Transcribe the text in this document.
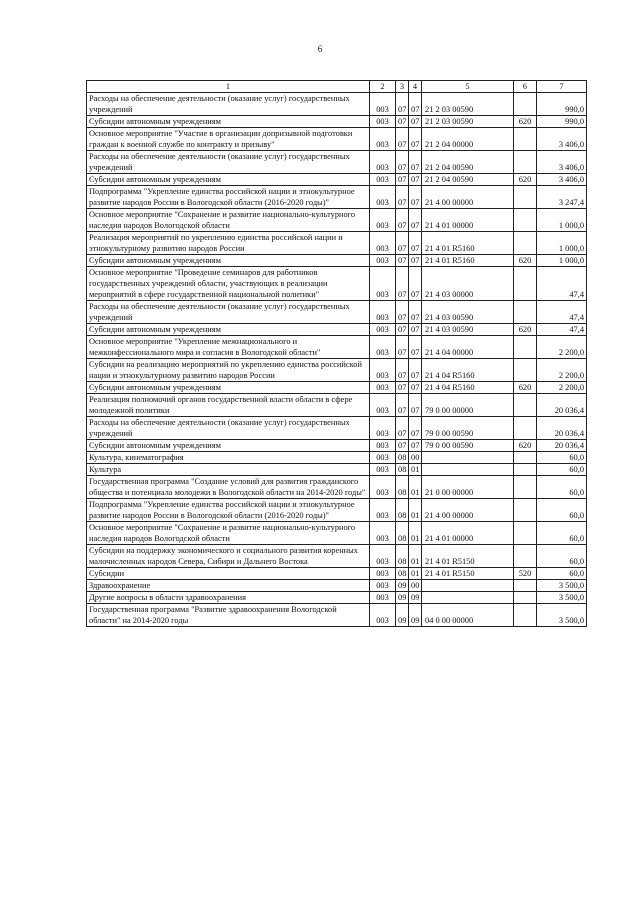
6
1	2	3	4	5	6	7
Расходы на обеспечение деятельности (оказание услуг) государственных учреждений	003	07	07	21 2 03 00590		990,0
Субсидии автономным учреждениям	003	07	07	21 2 03 00590	620	990,0
Основное мероприятие "Участие в организации допризывной подготовки граждан к военной службе по контракту и призыву"	003	07	07	21 2 04 00000		3 406,0
Расходы на обеспечение деятельности (оказание услуг) государственных учреждений	003	07	07	21 2 04 00590		3 406,0
Субсидии автономным учреждениям	003	07	07	21 2 04 00590	620	3 406,0
Подпрограмма "Укрепление единства российской нации и этнокультурное развитие народов России в Вологодской области (2016-2020 годы)"	003	07	07	21 4 00 00000		3 247,4
Основное мероприятие "Сохранение и развитие национально-культурного наследия народов Вологодской области	003	07	07	21 4 01 00000		1 000,0
Реализация мероприятий по укреплению единства российской нации и этнокультурному развитию народов России	003	07	07	21 4 01 R5160		1 000,0
Субсидии автономным учреждениям	003	07	07	21 4 01 R5160	620	1 000,0
Основное мероприятие "Проведение семинаров для работников государственных учреждений области, участвующих в реализации мероприятий в сфере государственной национальной политики"	003	07	07	21 4 03 00000		47,4
Расходы на обеспечение деятельности (оказание услуг) государственных учреждений	003	07	07	21 4 03 00590		47,4
Субсидии автономным учреждениям	003	07	07	21 4 03 00590	620	47,4
Основное мероприятие "Укрепление межнационального и межконфессионального мира и согласия в Вологодской области"	003	07	07	21 4 04 00000		2 200,0
Субсидии на реализацию мероприятий по укреплению единства российской нации и этнокультурному развитию народов России	003	07	07	21 4 04 R5160		2 200,0
Субсидии автономным учреждениям	003	07	07	21 4 04 R5160	620	2 200,0
Реализация полномочий органов государственной власти области в сфере молодежной политики	003	07	07	79 0 00 00000		20 036,4
Расходы на обеспечение деятельности (оказание услуг) государственных учреждений	003	07	07	79 0 00 00590		20 036,4
Субсидии автономным учреждениям	003	07	07	79 0 00 00590	620	20 036,4
Культура, кинематография	003	08	00			60,0
Культура	003	08	01			60,0
Государственная программа "Создание условий для развития гражданского общества и потенциала молодежи в Вологодской области на 2014-2020 годы"	003	08	01	21 0 00 00000		60,0
Подпрограмма "Укрепление единства российской нации и этнокультурное развитие народов России в Вологодской области (2016-2020 годы)"	003	08	01	21 4 00 00000		60,0
Основное мероприятие "Сохранение и развитие национально-культурного наследия народов Вологодской области	003	08	01	21 4 01 00000		60,0
Субсидии на поддержку экономического и социального развития коренных малочисленных народов Севера, Сибири и Дальнего Востока	003	08	01	21 4 01 R5150		60,0
Субсидии	003	08	01	21 4 01 R5150	520	60,0
Здравоохранение	003	09	00			3 500,0
Другие вопросы в области здравоохранения	003	09	09			3 500,0
Государственная программа "Развитие здравоохранения Вологодской области" на 2014-2020 годы	003	09	09	04 0 00 00000		3 500,0
